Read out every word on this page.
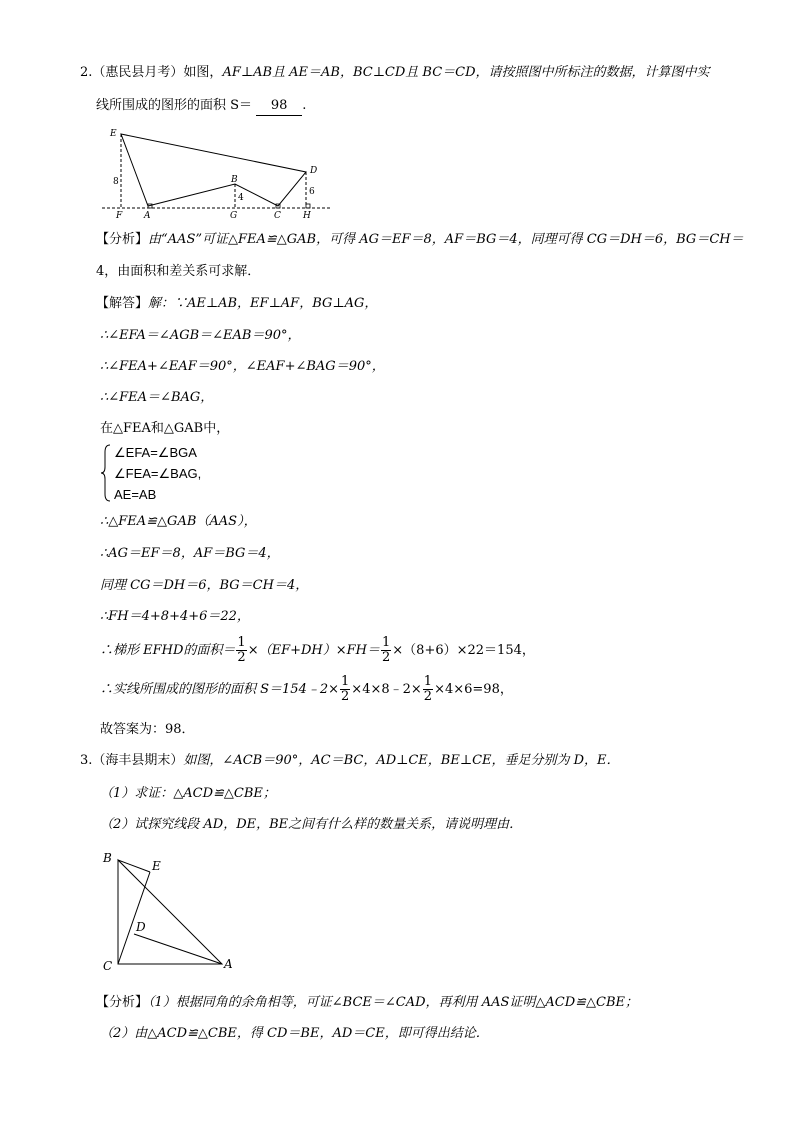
2.（惠民县月考）如图，AF⊥AB且 AE＝AB，BC⊥CD且 BC＝CD，请按照图中所标注的数据，计算图中实
线所围成的图形的面积 S＝ 98 .
E
D
B
F A	G	C H
8
4
6
【分析】由“AAS”可证△FEA≌△GAB，可得 AG＝EF＝8，AF＝BG＝4，同理可得 CG＝DH＝6，BG＝CH＝
4，由面积和差关系可求解．
【解答】解：∵AE⊥AB，EF⊥AF，BG⊥AG，
∴∠EFA＝∠AGB＝∠EAB＝90°，
∴∠FEA+∠EAF＝90°，∠EAF+∠BAG＝90°，
∴∠FEA＝∠BAG，
在△FEA和△GAB中，
∠EFA=∠BGA
∠FEA=∠BAG,
AE=AB
∴△FEA≌△GAB（AAS），
∴AG＝EF＝8，AF＝BG＝4，
同理 CG＝DH＝6，BG＝CH＝4，
∴FH＝4+8+4+6＝22，
∴梯形 EFHD的面积＝ $\frac{1}{2} \times(EF+DH)\times FH= \frac{1}{2} \times(8+6)\times 22=154$，
∴实线所围成的图形的面积 S＝154﹣2× $\frac{1}{2}$ ×4×8﹣2× $\frac{1}{2} \times 4\times 6=98$，
故答案为：98．
3.（海丰县期末）如图，∠ACB＝90°，AC＝BC，AD⊥CE，BE⊥CE，垂足分别为 D，E．
（1）求证：△ACD≌△CBE；
（2）试探究线段 AD，DE，BE之间有什么样的数量关系，请说明理由．
B
E
D
C	A
【分析】（1）根据同角的余角相等，可证∠BCE＝∠CAD，再利用 AAS证明△ACD≌△CBE；
（2）由△ACD≌△CBE，得 CD＝BE，AD＝CE，即可得出结论．
